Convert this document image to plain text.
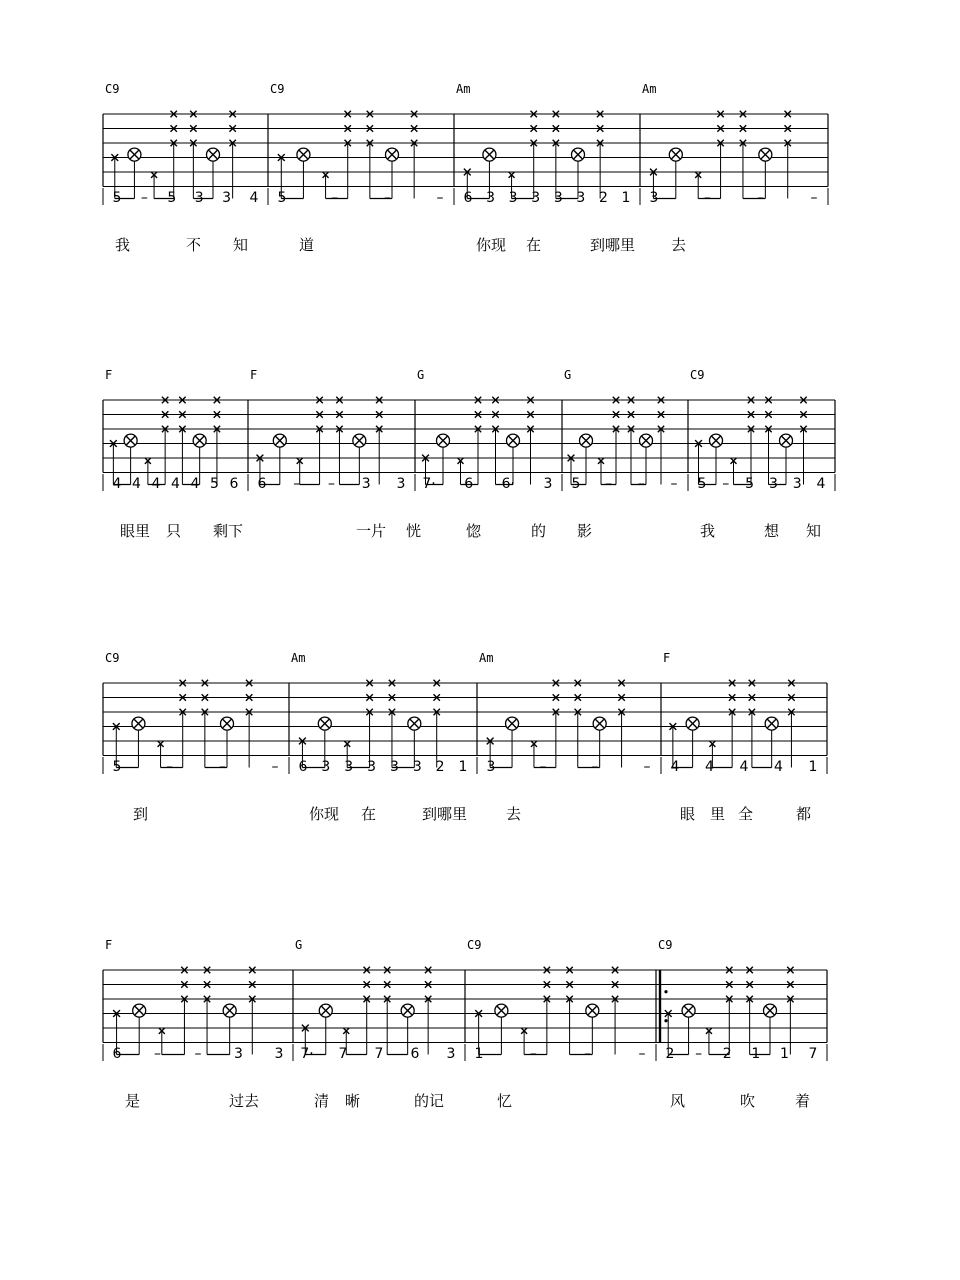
C9
5 – 5 3 3 4
C9
5	–	–	–
Am
6 3 3 3 3 3 2 1
Am
3	–	–	–
我	不 知	道	你现 在	到哪里 去
F
4 4 4 4 4 5 6
F
6 – – 3 3
G
7· 6 6· 3
G
5 – – –
C9
5 – 5 3 3 4
眼里 只 剩下	一片 恍	惚	的 影	我	想 知
C9
5	–	–	–
Am
6 3 3 3 3 3 2 1
Am
3	–	–	–
F
4 4 4 4 1
到	你现 在	到哪里	去	眼 里 全	都
F
6 – – 3 3
G
7· 7 7 6 3
C9
1	–	–	–
C9
2 – 2 1 1 7
是	过去	清 晰	的记	忆	风	吹	着
